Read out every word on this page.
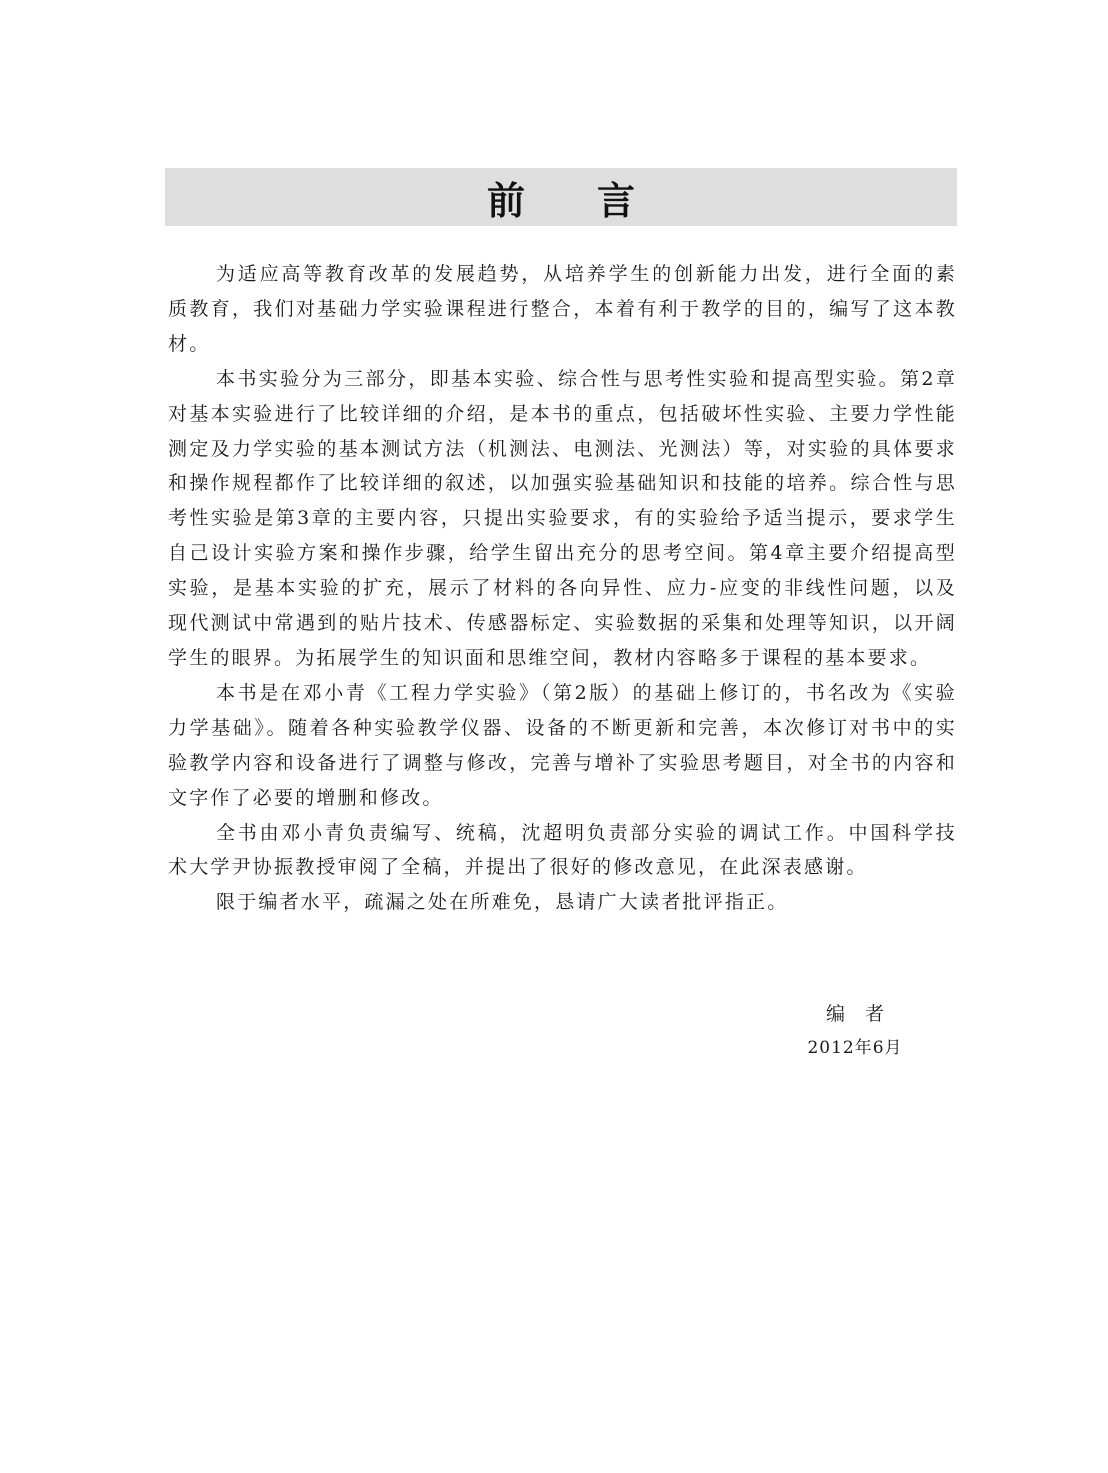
前言

为适应高等教育改革的发展趋势，从培养学生的创新能力出发，进行全面的素质教育，我们对基础力学实验课程进行整合，本着有利于教学的目的，编写了这本教材。

本书实验分为三部分，即基本实验、综合性与思考性实验和提高型实验。第2章对基本实验进行了比较详细的介绍，是本书的重点，包括破坏性实验、主要力学性能测定及力学实验的基本测试方法（机测法、电测法、光测法）等，对实验的具体要求和操作规程都作了比较详细的叙述，以加强实验基础知识和技能的培养。综合性与思考性实验是第3章的主要内容，只提出实验要求，有的实验给予适当提示，要求学生自己设计实验方案和操作步骤，给学生留出充分的思考空间。第4章主要介绍提高型实验，是基本实验的扩充，展示了材料的各向异性、应力-应变的非线性问题，以及现代测试中常遇到的贴片技术、传感器标定、实验数据的采集和处理等知识，以开阔学生的眼界。为拓展学生的知识面和思维空间，教材内容略多于课程的基本要求。

本书是在邓小青《工程力学实验》（第2版）的基础上修订的，书名改为《实验力学基础》。随着各种实验教学仪器、设备的不断更新和完善，本次修订对书中的实验教学内容和设备进行了调整与修改，完善与增补了实验思考题目，对全书的内容和文字作了必要的增删和修改。

全书由邓小青负责编写、统稿，沈超明负责部分实验的调试工作。中国科学技术大学尹协振教授审阅了全稿，并提出了很好的修改意见，在此深表感谢。

限于编者水平，疏漏之处在所难免，恳请广大读者批评指正。

编者
2012年6月
